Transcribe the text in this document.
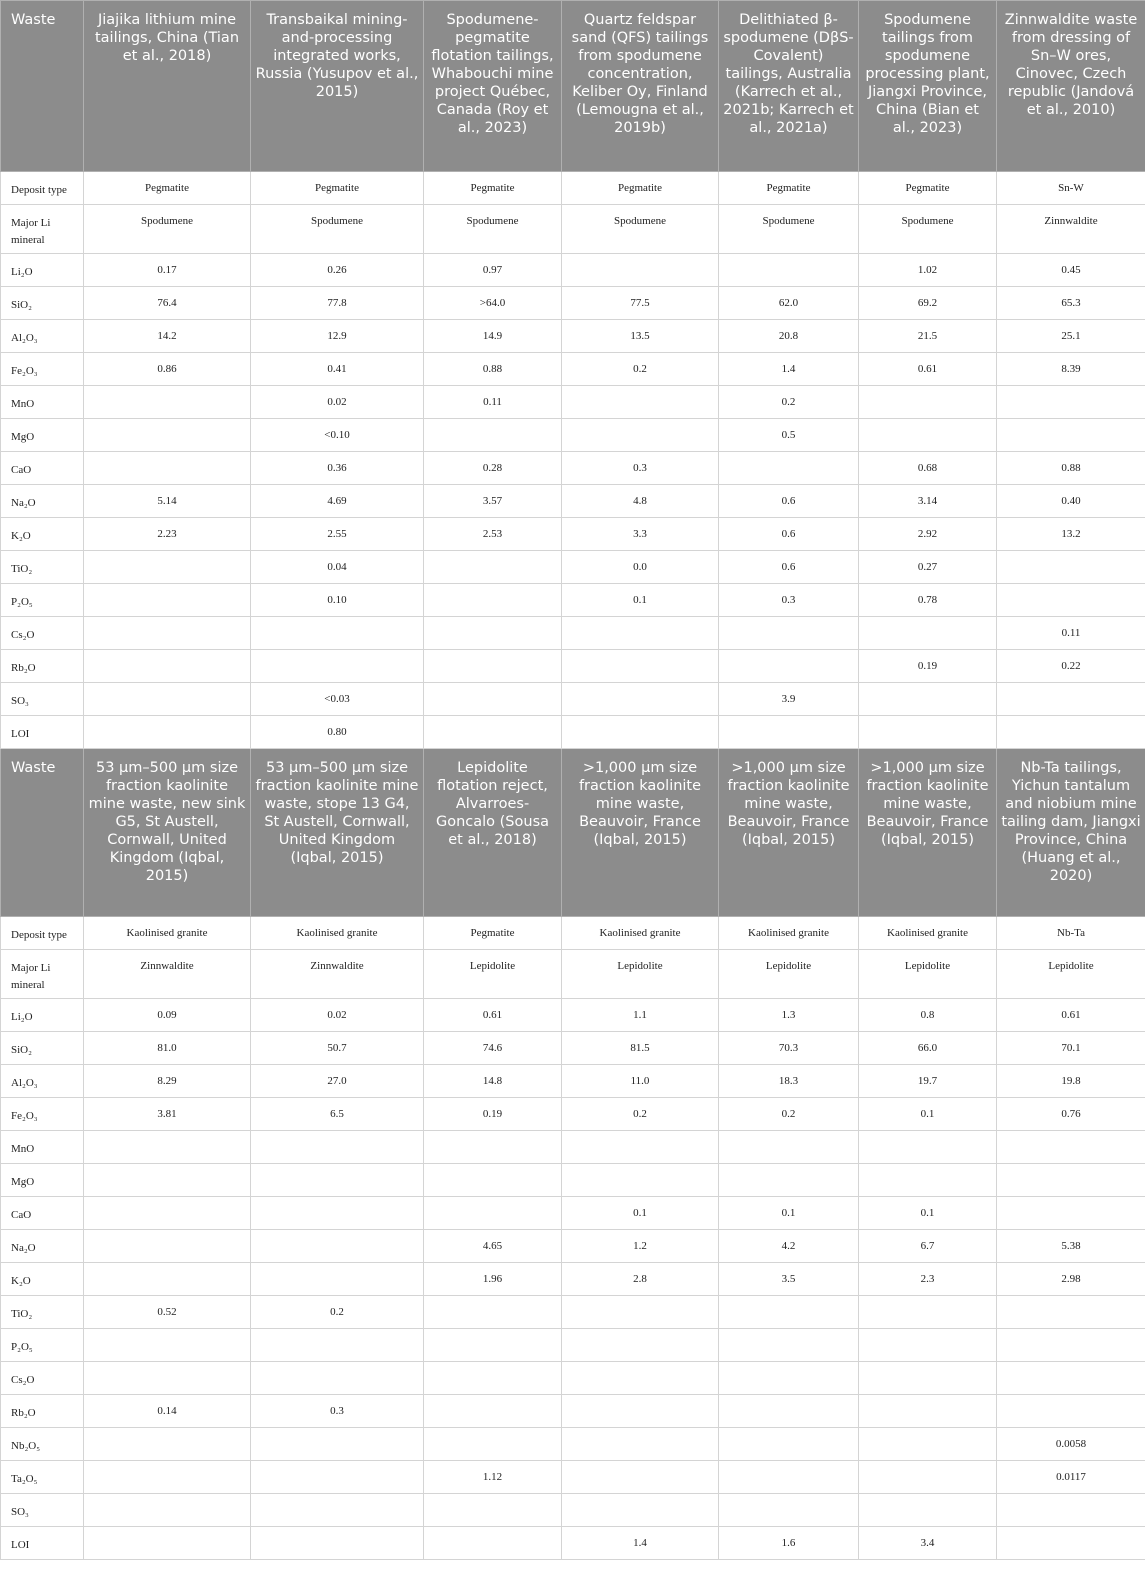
Waste	Jiajika lithium mine tailings, China (Tian et al., 2018)	Transbaikal mining-and-processing integrated works, Russia (Yusupov et al., 2015)	Spodumene-pegmatite flotation tailings, Whabouchi mine project Québec, Canada (Roy et al., 2023)	Quartz feldspar sand (QFS) tailings from spodumene concentration, Keliber Oy, Finland (Lemougna et al., 2019b)	Delithiated β-spodumene (DβS-Covalent) tailings, Australia (Karrech et al., 2021b; Karrech et al., 2021a)	Spodumene tailings from spodumene processing plant, Jiangxi Province, China (Bian et al., 2023)	Zinnwaldite waste from dressing of Sn–W ores, Cinovec, Czech republic (Jandová et al., 2010)
Deposit type	Pegmatite	Pegmatite	Pegmatite	Pegmatite	Pegmatite	Pegmatite	Sn-W
Major Li mineral	Spodumene	Spodumene	Spodumene	Spodumene	Spodumene	Spodumene	Zinnwaldite
Li₂O	0.17	0.26	0.97			1.02	0.45
SiO₂	76.4	77.8	>64.0	77.5	62.0	69.2	65.3
Al₂O₃	14.2	12.9	14.9	13.5	20.8	21.5	25.1
Fe₂O₃	0.86	0.41	0.88	0.2	1.4	0.61	8.39
MnO		0.02	0.11		0.2		
MgO		<0.10			0.5		
CaO		0.36	0.28	0.3		0.68	0.88
Na₂O	5.14	4.69	3.57	4.8	0.6	3.14	0.40
K₂O	2.23	2.55	2.53	3.3	0.6	2.92	13.2
TiO₂		0.04		0.0	0.6	0.27	
P₂O₅		0.10		0.1	0.3	0.78	
Cs₂O							0.11
Rb₂O						0.19	0.22
SO₃		<0.03			3.9		
LOI		0.80					
Waste	53 μm–500 μm size fraction kaolinite mine waste, new sink G5, St Austell, Cornwall, United Kingdom (Iqbal, 2015)	53 μm–500 μm size fraction kaolinite mine waste, stope 13 G4, St Austell, Cornwall, United Kingdom (Iqbal, 2015)	Lepidolite flotation reject, Alvarroes-Goncalo (Sousa et al., 2018)	>1,000 μm size fraction kaolinite mine waste, Beauvoir, France (Iqbal, 2015)	>1,000 μm size fraction kaolinite mine waste, Beauvoir, France (Iqbal, 2015)	>1,000 μm size fraction kaolinite mine waste, Beauvoir, France (Iqbal, 2015)	Nb-Ta tailings, Yichun tantalum and niobium mine tailing dam, Jiangxi Province, China (Huang et al., 2020)
Deposit type	Kaolinised granite	Kaolinised granite	Pegmatite	Kaolinised granite	Kaolinised granite	Kaolinised granite	Nb-Ta
Major Li mineral	Zinnwaldite	Zinnwaldite	Lepidolite	Lepidolite	Lepidolite	Lepidolite	Lepidolite
Li₂O	0.09	0.02	0.61	1.1	1.3	0.8	0.61
SiO₂	81.0	50.7	74.6	81.5	70.3	66.0	70.1
Al₂O₃	8.29	27.0	14.8	11.0	18.3	19.7	19.8
Fe₂O₃	3.81	6.5	0.19	0.2	0.2	0.1	0.76
MnO							
MgO							
CaO				0.1	0.1	0.1	
Na₂O			4.65	1.2	4.2	6.7	5.38
K₂O			1.96	2.8	3.5	2.3	2.98
TiO₂	0.52	0.2					
P₂O₅							
Cs₂O							
Rb₂O	0.14	0.3					
Nb₂O₅							0.0058
Ta₂O₅			1.12				0.0117
SO₃							
LOI				1.4	1.6	3.4	
